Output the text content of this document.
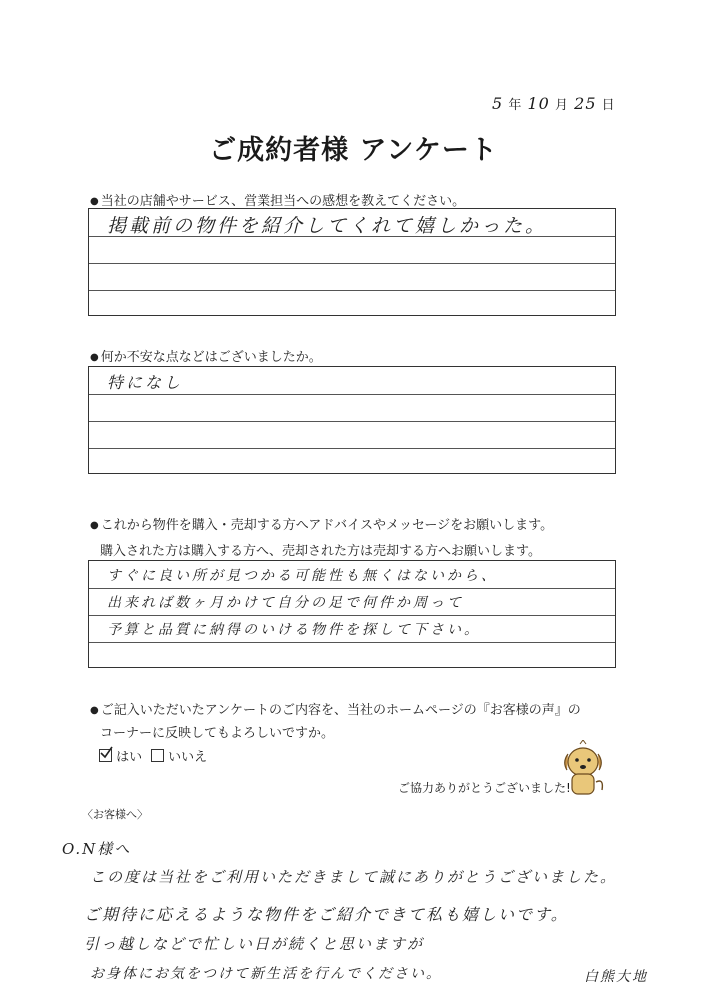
5 年 10 月 25 日
ご成約者様 アンケート
● 当社の店舗やサービス、営業担当への感想を教えてください。
掲載前の物件を紹介してくれて嬉しかった。
● 何か不安な点などはございましたか。
特になし
● これから物件を購入・売却する方へアドバイスやメッセージをお願いします。
購入された方は購入する方へ、売却された方は売却する方へお願いします。
すぐに良い所が見つかる可能性も無くはないから、
出来れば数ヶ月かけて自分の足で何件か周って
予算と品質に納得のいける物件を探して下さい。
● ご記入いただいたアンケートのご内容を、当社のホームページの『お客様の声』の
コーナーに反映してもよろしいですか。
はい	いいえ
ご協力ありがとうございました!
〈お客様へ〉
O.N様へ
この度は当社をご利用いただきまして誠にありがとうございました。
ご期待に応えるような物件をご紹介できて私も嬉しいです。
引っ越しなどで忙しい日が続くと思いますが
お身体にお気をつけて新生活を行んでください。	白熊大地
